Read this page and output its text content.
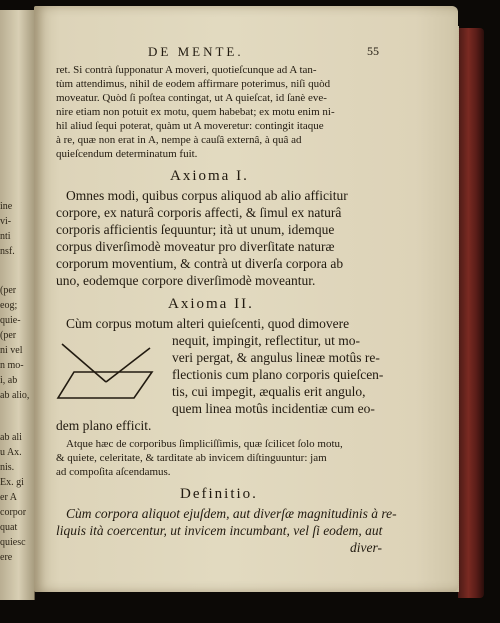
ine
vi-
nti
nsf.
(per
eog;
quie-
(per
ni vel
n mo-
i, ab
ab alio,
ab ali
u Ax.
nis.
Ex. gi
er A
corpor
quat
quiesc
ere
DE MENTE.	55
ret. Si contrà ſupponatur A moveri, quotieſcunque ad A tan-
tùm attendimus, nihil de eodem affirmare poterimus, niſi quòd
moveatur. Quòd ſi poſtea contingat, ut A quieſcat, id ſanè eve-
nire etiam non potuit ex motu, quem habebat; ex motu enim ni-
hil aliud ſequi poterat, quàm ut A moveretur: contingit itaque
à re, quæ non erat in A, nempe à cauſâ externâ, à quâ ad
quieſcendum determinatum fuit.
Axioma I.
Omnes modi, quibus corpus aliquod ab alio afficitur
corpore, ex naturâ corporis affecti, & ſimul ex naturâ
corporis afficientis ſequuntur; ità ut unum, idemque
corpus diverſimodè moveatur pro diverſitate naturæ
corporum moventium, & contrà ut diverſa corpora ab
uno, eodemque corpore diverſimodè moveantur.
Axioma II.
Cùm corpus motum alteri quieſcenti, quod dimovere
nequit, impingit, reflectitur, ut mo-
veri pergat, & angulus lineæ motûs re-
flectionis cum plano corporis quieſcen-
tis, cui impegit, æqualis erit angulo,
quem linea motûs incidentiæ cum eo-
dem plano efficit.
Atque hæc de corporibus ſimpliciſſimis, quæ ſcilicet ſolo motu,
& quiete, celeritate, & tarditate ab invicem diſtinguuntur: jam
ad compoſita aſcendamus.
Definitio.
Cùm corpora aliquot ejuſdem, aut diverſæ magnitudinis à re-
liquis ità coercentur, ut invicem incumbant, vel ſi eodem, aut
diver-
